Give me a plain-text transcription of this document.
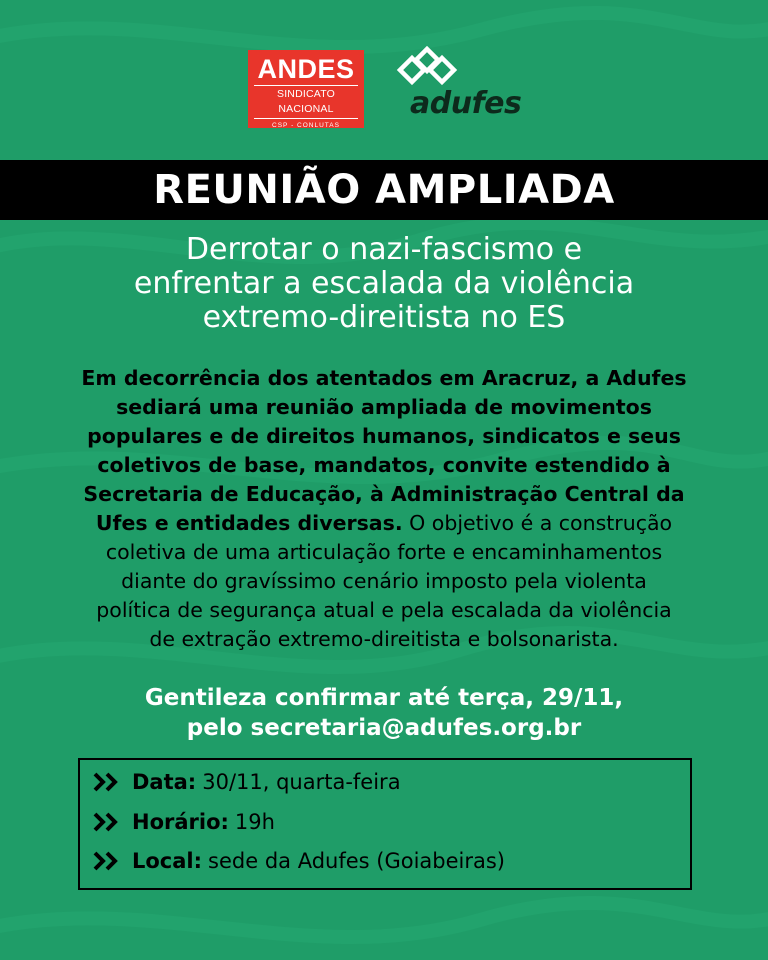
ANDES
SINDICATO NACIONAL
CSP - CONLUTAS
adufes
REUNIÃO AMPLIADA
Derrotar o nazi-fascismo e
enfrentar a escalada da violência
extremo-direitista no ES
Em decorrência dos atentados em Aracruz, a Adufes
sediará uma reunião ampliada de movimentos
populares e de direitos humanos, sindicatos e seus
coletivos de base, mandatos, convite estendido à
Secretaria de Educação, à Administração Central da
Ufes e entidades diversas. O objetivo é a construção
coletiva de uma articulação forte e encaminhamentos
diante do gravíssimo cenário imposto pela violenta
política de segurança atual e pela escalada da violência
de extração extremo-direitista e bolsonarista.
Gentileza confirmar até terça, 29/11,
pelo secretaria@adufes.org.br
Data: 30/11, quarta-feira
Horário: 19h
Local: sede da Adufes (Goiabeiras)
